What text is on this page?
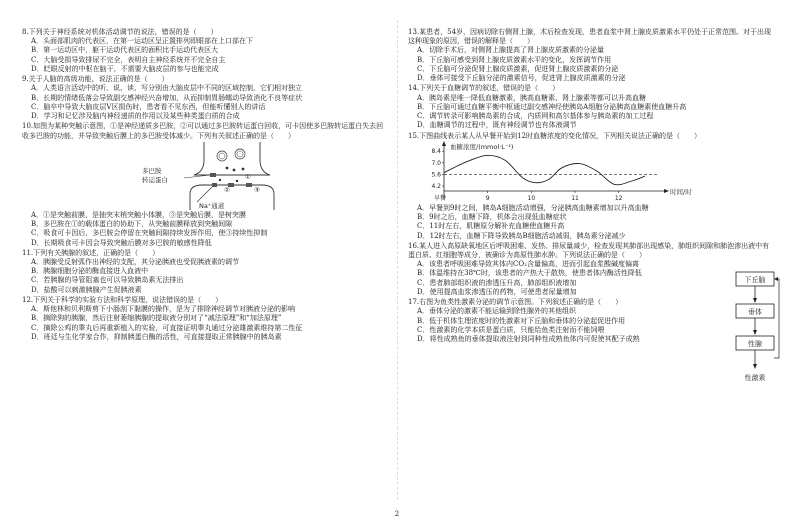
8.下列关于神经系统对机体活动调节的说法，错误的是（　　）
A．头面部肌肉的代表区，在第一运动区呈正置排列即眼部在上口部在下
B．第一运动区中，躯干运动代表区的面积比手运动代表区大
C．大脑受损导致排尿不完全，表明自主神经系统并不完全自主
D．眨眼反射的中枢在脑干，不需要大脑皮层的参与也能完成
9.关于人脑的高级功能，说法正确的是（　　）
A．人类语言活动中的听、说、读、写分别由大脑皮层中不同的区域控制，它们相对独立
B．长期的情绪低落会导致副交感神经兴奋增加，从而抑制胃肠蠕动导致消化不良等症状
C．脑卒中导致大脑皮层V区损伤时，患者看不见东西，但能听懂别人的讲话
D．学习和记忆涉及脑内神经递质的作用以及某些种类蛋白质的合成
10.如图为某种突触示意图，①是神经递质多巴胺，②可以通过多巴胺转运蛋白回收，可卡因使多巴胺转运蛋白失去回收多巴胺的功能，并导致突触后膜上的多巴胺受体减少。下列有关叙述正确的是（　　）
多巴胺
转运蛋白
Na⁺通道
①
②	③
A．①是突触前膜，是抽突末梢突触小体膜，③是突触后膜，是树突膜
B．多巴胺在①的载体蛋白的协助下，从突触前膜释放到突触间隙
C．吸食可卡因后，多巴胺会停留在突触间隙持续发挥作用，使③持续性抑制
D．长期吸食可卡因会导致突触后膜对多巴胺的敏感性降低
11.下列有关胰腺的叙述，正确的是（　　）
A．胰腺受反射弧作出神经的支配，其分泌胰液也受促胰液素的调节
B．胰腺细胞分泌的酶直接进入血液中
C．若胰腺的导管阻塞也可以导致胰岛素无法排出
D．盐酸可以刺激胰腺产生促胰液素
12.下列关于科学的实验方法和科学原理，说法错误的是（　　）
A．斯他林和贝利斯剪下小肠刮下黏膜的操作，是为了排除神经调节对胰液分泌的影响
B．摘除狗的胰腺，然后注射萎缩胰腺的提取液分别对了“减法原理”和“加法原理”
C．摘除公鸡的睾丸后再重新植入的实验，可直接证明睾丸通过分泌雄激素维持第二性征
D．班廷与生化学家合作，抑制胰蛋白酶的活性，可直接提取正常胰腺中的胰岛素
13.某患者，54岁，因病切除右侧肾上腺，术后检查发现，患者血浆中肾上腺皮质激素水平仍处于正常范围。对于出现这种现象的原因，错误的解释是（　　）
A．切除手术后，对侧肾上腺提高了肾上腺皮质激素的分泌量
B．下丘脑可感受到肾上腺皮质激素水平的变化，发挥调节作用
C．下丘脑可分泌促肾上腺皮质激素，促进肾上腺皮质激素的分泌
D．垂体可接受下丘脑分泌的激素信号，促进肾上腺皮质激素的分泌
14.下列关于血糖调节的叙述，错误的是（　　）
A．胰岛素是唯一降低血糖激素，胰高血糖素、肾上腺素等都可以升高血糖
B．下丘脑可通过血糖平衡中枢通过副交感神经使胰岛A细胞分泌胰高血糖素使血糖升高
C．调节转录可影响胰岛素的合成，内质网和高尔基体参与胰岛素的加工过程
D．血糖调节的过程中，既有神经调节也有体液调节
15.下图曲线表示某人从早餐开始到12时血糖浓度的变化情况，下列相关说法正确的是（　　）
血糖浓度/(mmol·L⁻¹)
时间/时
8.4
7.0
5.6
4.2
早餐	9	10	11	12
A．早餐到9时之间，胰岛A细胞活动增强，分泌胰高血糖素增加以升高血糖
B．9时之后，血糖下降，机体会出现低血糖症状
C．11时左右，肌糖原分解补充血糖使血糖升高
D．12时左右，血糖下降导致胰岛B细胞活动减弱，胰岛素分泌减少
16.某人进入高原缺氧地区后呼吸困难、发热、排尿量减少，检查发现其肺部出现感染，肺组织间隙和肺泡渗出液中有蛋白质、红细胞等成分，被确诊为高原性肺水肿。下列说法正确的是（　　）
A．该患者呼吸困难导致其体内CO₂含量偏高，进而引起血浆酸碱度偏离
B．体温维持在38℃时，该患者的产热大于散热，使患者体内酶活性降低
C．患者肺部组织液的渗透压升高，肺部组织液增加
D．使用提高血浆渗透压的药物，可使患者尿量增加
17.右图为鱼类性激素分泌的调节示意图。下列叙述正确的是（　　）
A．垂体分泌的激素不能运输到除性腺外的其他组织
B．低于机体生理浓度时的性激素对下丘脑和垂体的分泌起促进作用
C．性激素的化学本质是蛋白质，只能给鱼类注射而不能饲喂
D．将性成熟鱼的垂体提取液注射到同种性成熟鱼体内可促使其配子成熟
下丘脑
垂体
性腺
性激素
2
